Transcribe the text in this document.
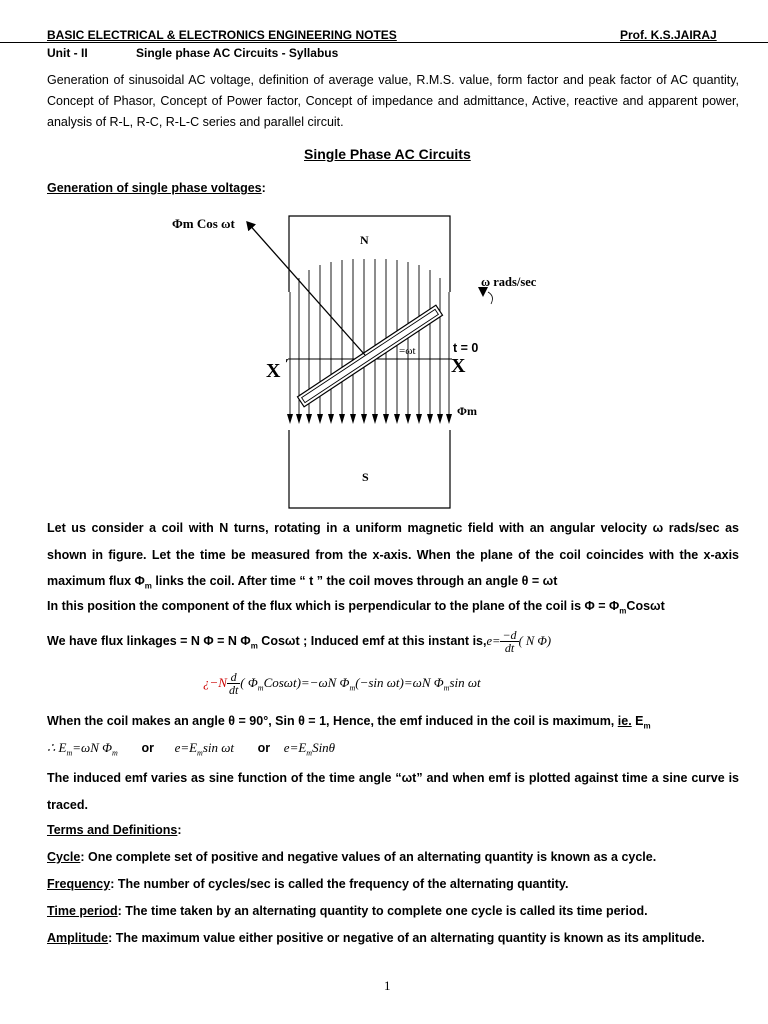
BASIC ELECTRICAL & ELECTRONICS ENGINEERING NOTES	Prof. K.S.JAIRAJ
Unit - II	Single phase AC Circuits - Syllabus
Generation of sinusoidal AC voltage, definition of average value, R.M.S. value, form factor and peak factor of AC quantity, Concept of Phasor, Concept of Power factor, Concept of impedance and admittance, Active, reactive and apparent power, analysis of R-L, R-C, R-L-C series and parallel circuit.
Single Phase AC Circuits
Generation of single phase voltages:
Φm Cos ωt
N
S
ω rads/sec
=ωt	t = 0
X ′	X
Φm
Let us consider a coil with N turns, rotating in a uniform magnetic field with an angular velocity ω rads/sec as shown in figure. Let the time be measured from the x-axis. When the plane of the coil coincides with the x-axis maximum flux $\Phi_m$ links the coil. After time “ t ” the coil moves through an angle θ = ωt
In this position the component of the flux which is perpendicular to the plane of the coil is $\Phi = \Phi_mCos\omega t$
We have flux linkages = N Φ = N $\Phi_m$ Cosωt ; Induced emf at this instant $is,e= \frac{-d}{dt}$ ( N Φ)
¿$-N \frac{d}{dt}$ ( $\Phi_mCos\omega t)=-\omega N$ $\Phi_m(-\sin$ ωt)=ωN $\Phi_m\sin$ ωt
When the coil makes an angle θ = 90°, Sin θ = 1, Hence, the emf induced in the coil is maximum, ie. $E_m$
∴ $E_m=\omega N$ $\Phi_m$ or $e=E_m\sin$ ωt or $e=E_mSin\theta$
The induced emf varies as sine function of the time angle “ωt” and when emf is plotted against time a sine curve is traced.
Terms and Definitions:
Cycle: One complete set of positive and negative values of an alternating quantity is known as a cycle.
Frequency: The number of cycles/sec is called the frequency of the alternating quantity.
Time period: The time taken by an alternating quantity to complete one cycle is called its time period.
Amplitude: The maximum value either positive or negative of an alternating quantity is known as its amplitude.
1
